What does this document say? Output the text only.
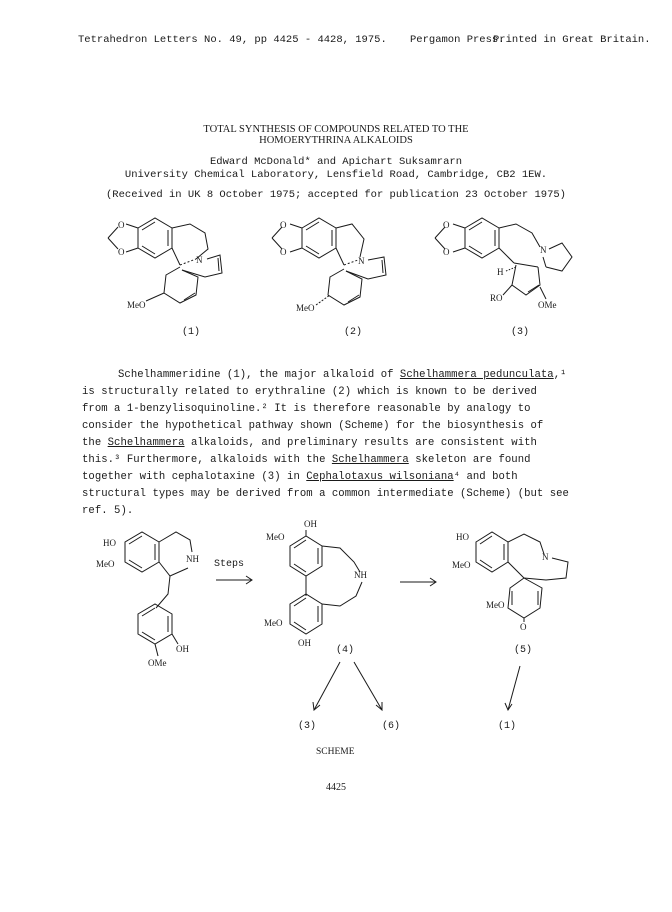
Tetrahedron Letters No. 49, pp 4425 - 4428, 1975. Pergamon Press.
Printed in Great Britain.
TOTAL SYNTHESIS OF COMPOUNDS RELATED TO THE
HOMOERYTHRINA ALKALOIDS
Edward McDonald* and Apichart Suksamrarn
University Chemical Laboratory, Lensfield Road, Cambridge, CB2 1EW.
(Received in UK 8 October 1975; accepted for publication 23 October 1975)
O
O
N
MeO
O
O
N
MeO
O
O	N
H
RO
OMe
(1)	(2)	(3)
Schelhammeridine (1), the major alkaloid of Schelhammera pedunculata,¹
is structurally related to erythraline (2) which is known to be derived
from a 1-benzylisoquinoline.² It is therefore reasonable by analogy to
consider the hypothetical pathway shown (Scheme) for the biosynthesis of
the Schelhammera alkaloids, and preliminary results are consistent with
this.³ Furthermore, alkaloids with the Schelhammera skeleton are found
together with cephalotaxine (3) in Cephalotaxus wilsoniana⁴ and both
structural types may be derived from a common intermediate (Scheme) (but see
ref. 5).
HO
MeO	NH
OH
OMe
Steps
OH
MeO
NH
MeO
OH
HO
MeO
N
MeO
O
(4)	(5)
(3)	(6)	(1)
SCHEME
4425
